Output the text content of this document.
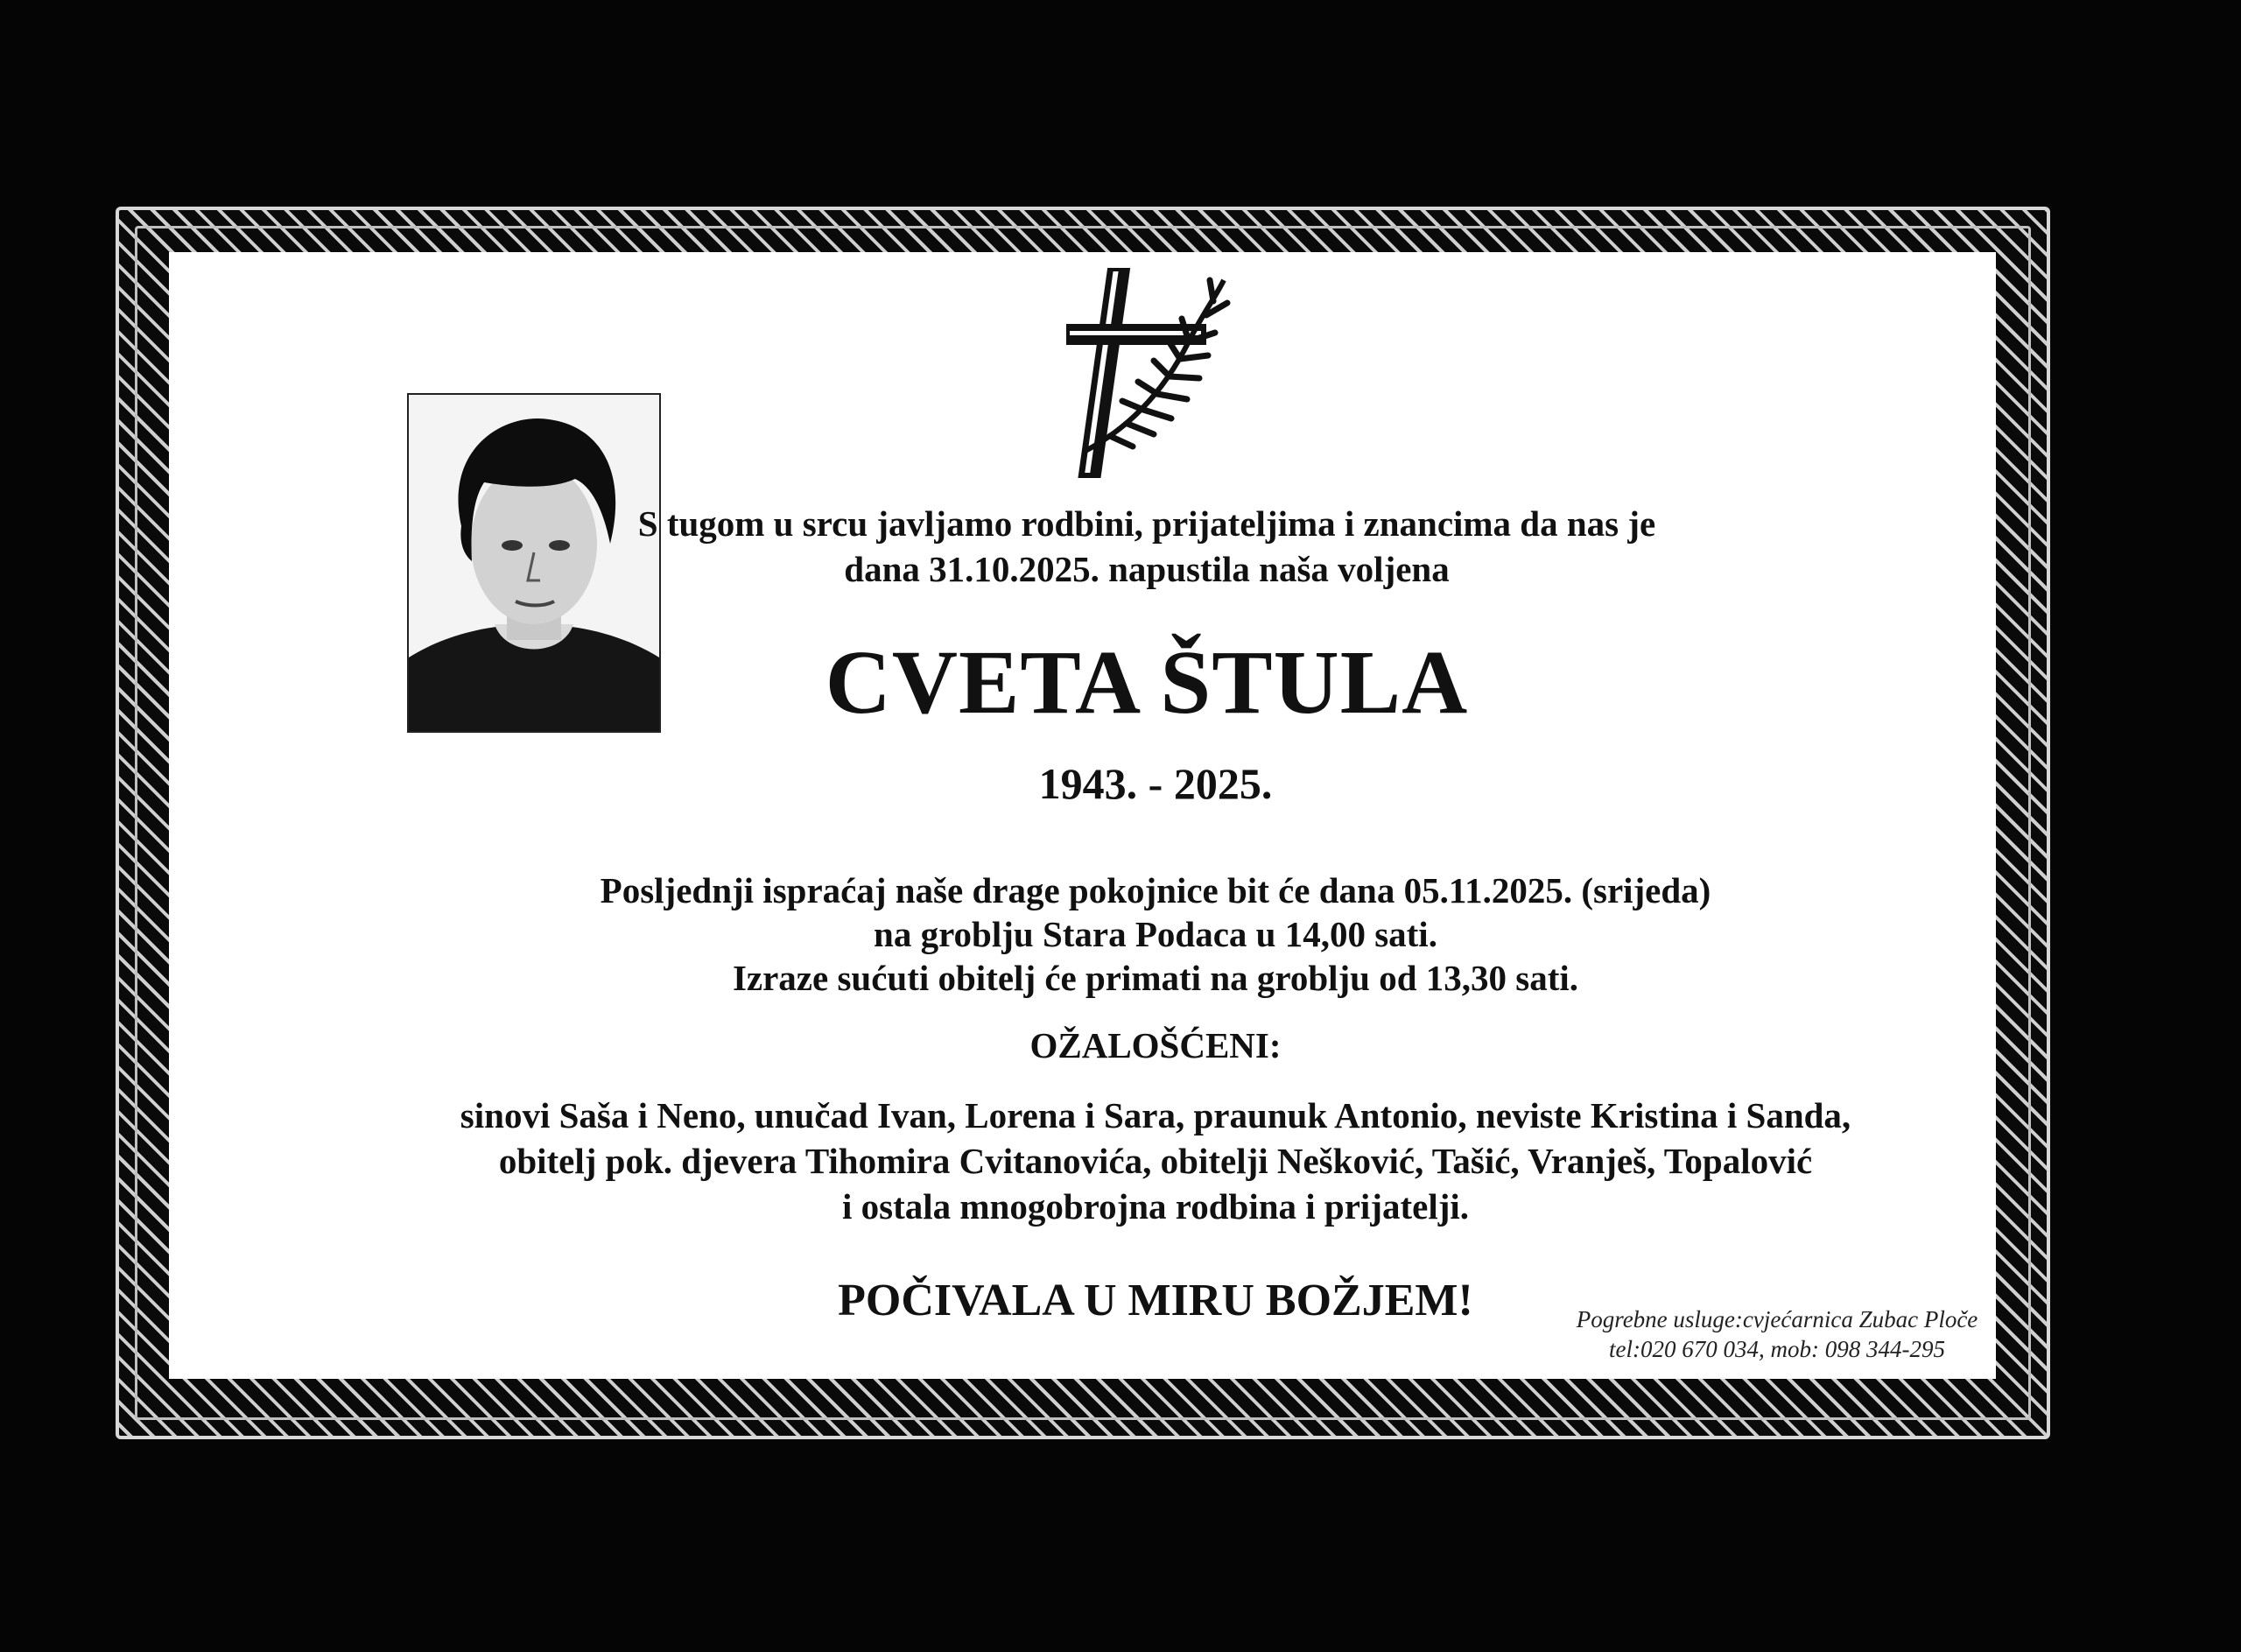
S tugom u srcu javljamo rodbini, prijateljima i znancima da nas je
dana 31.10.2025. napustila naša voljena
CVETA ŠTULA
1943. - 2025.
Posljednji ispraćaj naše drage pokojnice bit će dana 05.11.2025. (srijeda)
na groblju Stara Podaca u 14,00 sati.
Izraze sućuti obitelj će primati na groblju od 13,30 sati.
OŽALOŠĆENI:
sinovi Saša i Neno, unučad Ivan, Lorena i Sara, praunuk Antonio, neviste Kristina i Sanda,
obitelj pok. djevera Tihomira Cvitanovića, obitelji Nešković, Tašić, Vranješ, Topalović
i ostala mnogobrojna rodbina i prijatelji.
POČIVALA U MIRU BOŽJEM!	Pogrebne usluge:cvjećarnica Zubac Ploče
tel:020 670 034, mob: 098 344-295
